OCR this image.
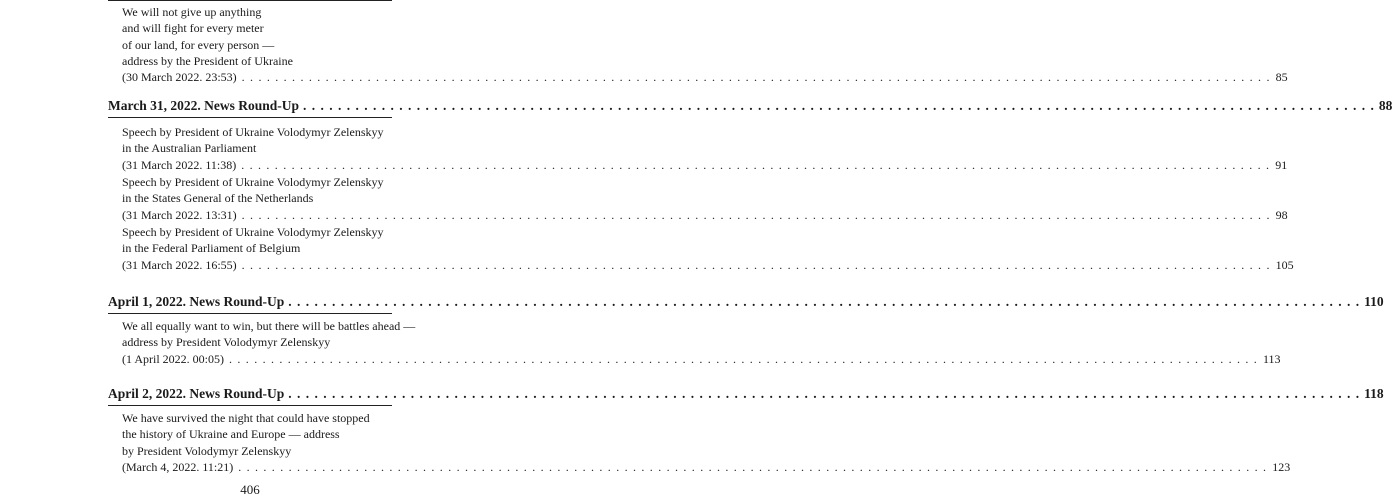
We will not give up anything
and will fight for every meter
of our land, for every person —
address by the President of Ukraine
(30 March 2022. 23:53) . . .	85
March 31, 2022. News Round-Up . . .	88
Speech by President of Ukraine Volodymyr Zelenskyy
in the Australian Parliament
(31 March 2022. 11:38) . . .	91
Speech by President of Ukraine Volodymyr Zelenskyy
in the States General of the Netherlands
(31 March 2022. 13:31) . . .	98
Speech by President of Ukraine Volodymyr Zelenskyy
in the Federal Parliament of Belgium
(31 March 2022. 16:55) . . .	105
April 1, 2022. News Round-Up . . .	110
We all equally want to win, but there will be battles ahead —
address by President Volodymyr Zelenskyy
(1 April 2022. 00:05) . . .	113
April 2, 2022. News Round-Up . . .	118
We have survived the night that could have stopped
the history of Ukraine and Europe — address
by President Volodymyr Zelenskyy
(March 4, 2022. 11:21) . . .	123
406
